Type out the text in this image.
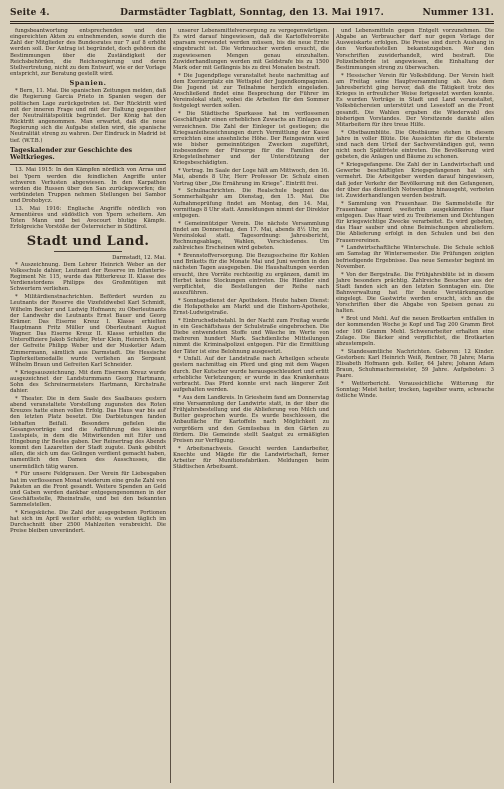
Seite 4.	Darmstädter Tagblatt, Sonntag, den 13. Mai 1917.	Nummer 131.

fungsbeantwortung entsprechenden und den eingereichten Akten zu entnehmenden, sowie durch die Zahl der Mitglieder des Bundesrates nur 7 auf 8 erhöht werden soll. Der Antrag ist begründet, doch gehören die Bestimmungen über die Zuständigkeit der Reichsbehörden, die Reichsregierung und deren Stellvertretung, nicht zu dem Entwurf, wie er der Vorlage entspricht, zur Beratung gestellt wird.

Spanien.

* Bern, 11. Mai. Die spanischen Zeitungen melden, daß die Regierung Garcia Prieto in Spanien wegen der politischen Lage zurückgetreten ist. Der Rücktritt wird mit der inneren Frage und mit der Haltung gegenüber der Neutralitätspolitik begründet. Der König hat den Rücktritt angenommen. Man erwartet, daß die neue Regierung sich die Aufgabe stellen wird, die spanische Neutralität streng zu wahren. Der Eindruck in Madrid ist tief. (W.T.B.)

Tageskalender zur Geschichte des Weltkrieges.

13. Mai 1915: In den Kämpfen nördlich von Arras und bei Ypern werden die feindlichen Angriffe unter schweren Verlusten abgewiesen. In den Karpathen werden die Russen über den San zurückgeworfen; die verbündeten Truppen nehmen Stellungen bei Sambor und Drohobycz.

13. Mai 1916: Englische Angriffe nördlich von Armentières und südöstlich von Ypern scheitern. Am Toten Mann und bei Avocourt blutige Kämpfe. Erfolgreiche Vorstöße der Österreicher in Südtirol.

Stadt und Land.
Darmstadt, 12. Mai.

* Auszeichnung. Dem Lehrer Heinrich Weber an der Volksschule dahier, Leutnant der Reserve im Infanterie-Regiment Nr. 115, wurde das Ritterkreuz II. Klasse des Verdienstordens Philipps des Großmütigen mit Schwertern verliehen.

* Militärdienstnachrichten. Befördert wurden zu Leutnants der Reserve die Vizefeldwebel Karl Schmidt, Wilhelm Becker und Ludwig Hofmann; zu Oberleutnants der Landwehr die Leutnants Ernst Bauer und Georg Krämer. Das Eiserne Kreuz I. Klasse erhielten Hauptmann Fritz Müller und Oberleutnant August Wagner. Das Eiserne Kreuz II. Klasse erhielten die Unteroffiziere Jakob Schäfer, Peter Klein, Heinrich Koch, der Gefreite Philipp Weber und der Musketier Adam Zimmermann, sämtlich aus Darmstadt. Die Hessische Tapferkeitsmedaille wurde verliehen an Sergeant Wilhelm Braun und Gefreiten Karl Schneider.

* Kriegsauszeichnung. Mit dem Eisernen Kreuz wurde ausgezeichnet der Landsturmmann Georg Hartmann, Sohn des Schreinermeisters Hartmann, Kirchstraße dahier.

* Theater. Die in dem Saale des Saalbaues gestern abend veranstaltete Vorstellung zugunsten des Roten Kreuzes hatte einen vollen Erfolg. Das Haus war bis auf den letzten Platz besetzt. Die Darbietungen fanden lebhaften Beifall. Besonders gefielen die Gesangsvorträge und die Aufführung des kleinen Lustspiels, in dem die Mitwirkenden mit Eifer und Hingebung ihr Bestes gaben. Der Reinertrag des Abends kommt den Lazaretten der Stadt zugute. Dank gebührt allen, die sich um das Gelingen verdient gemacht haben, namentlich den Damen des Ausschusses, die unermüdlich tätig waren.

* Für unsere Feldgrauen. Der Verein für Liebesgaben hat im verflossenen Monat wiederum eine große Zahl von Paketen an die Front gesandt. Weitere Spenden an Geld und Gaben werden dankbar entgegengenommen in der Geschäftsstelle, Rheinstraße, und bei den bekannten Sammelstellen.

* Kriegsküche. Die Zahl der ausgegebenen Portionen hat sich im April weiter erhöht; es wurden täglich im Durchschnitt über 2500 Mahlzeiten verabreicht. Die Preise bleiben unverändert.

unserer Lebensmittelversorgung zu vergegenwärtigen. Es wird darauf hingewiesen, daß die Kartoffelvorräte sparsam verwendet werden müssen, bis die neue Ernte eingebracht ist. Die Verbraucher werden ersucht, die zugewiesenen Mengen genau einzuhalten. Zuwiderhandlungen werden mit Geldstrafe bis zu 1500 Mark oder mit Gefängnis bis zu drei Monaten bestraft.

* Die Jugendpflege veranstaltet heute nachmittag auf dem Exerzierplatz ein Wettspiel der Jugendkompagnien. Die Jugend ist zur Teilnahme herzlich eingeladen. Anschließend findet eine Besprechung der Führer im Vereinslokal statt, wobei die Arbeiten für den Sommer festgelegt werden sollen.

* Die Städtische Sparkasse hat im verflossenen Geschäftsjahr einen erheblichen Zuwachs an Einlagen zu verzeichnen. Die Zahl der Einleger ist gestiegen; die Kriegsanleihezeichnungen durch Vermittlung der Kasse erreichten eine ansehnliche Höhe. Der Reingewinn wird wie bisher gemeinnützigen Zwecken zugeführt, insbesondere der Fürsorge für die Familien der Kriegsteilnehmer und der Unterstützung der Kriegsbeschädigten.

* Vortrag. Im Saale der Loge hält am Mittwoch, den 16. Mai, abends 8 Uhr, Herr Professor Dr. Schulz einen Vortrag über „Die Ernährung im Kriege“. Eintritt frei.

* Schulnachrichten. Die Realschule beginnt das Sommerhalbjahr am Dienstag, den 15. Mai. Die Aufnahmeprüfung findet am Montag, den 14. Mai, vormittags 8 Uhr statt. Anmeldungen nimmt der Direktor entgegen.

* Gemeinnütziger Verein. Die nächste Versammlung findet am Donnerstag, den 17. Mai, abends 8½ Uhr, im Vereinslokal statt. Tagesordnung: Jahresbericht, Rechnungsablage, Wahlen, Verschiedenes. Um zahlreiches Erscheinen wird gebeten.

* Brennstoffversorgung. Die Bezugsscheine für Kohlen und Briketts für die Monate Mai und Juni werden in den nächsten Tagen ausgegeben. Die Haushaltungen werden ersucht, ihre Vorräte rechtzeitig zu ergänzen, damit im Herbst keine Stockungen eintreten. Die Händler sind verpflichtet, die Bestellungen der Reihe nach auszuführen.

* Sonntagsdienst der Apotheken. Heute haben Dienst: die Hofapotheke am Markt und die Einhorn-Apotheke, Ernst-Ludwigstraße.

* Einbruchsdiebstahl. In der Nacht zum Freitag wurde in ein Geschäftshaus der Schulstraße eingebrochen. Die Diebe entwendeten Stoffe und Wäsche im Werte von mehreren hundert Mark. Sachdienliche Mitteilungen nimmt die Kriminalpolizei entgegen. Für die Ermittlung der Täter ist eine Belohnung ausgesetzt.

* Unfall. Auf der Landstraße nach Arheilgen scheute gestern nachmittag ein Pferd und ging mit dem Wagen durch. Der Kutscher wurde herausgeschleudert und erlitt erhebliche Verletzungen; er wurde in das Krankenhaus verbracht. Das Pferd konnte erst nach längerer Zeit aufgehalten werden.

* Aus dem Landkreis. In Griesheim fand am Donnerstag eine Versammlung der Landwirte statt, in der über die Frühjahrsbestellung und die Ablieferung von Milch und Butter gesprochen wurde. Es wurde beschlossen, die Anbaufläche für Kartoffeln nach Möglichkeit zu vergrößern und den Gemüsebau in den Gärten zu fördern. Die Gemeinde stellt Saatgut zu ermäßigten Preisen zur Verfügung.

* Arbeitsnachweis. Gesucht werden Landarbeiter, Knechte und Mägde für die Landwirtschaft, ferner Arbeiter für Munitionsfabriken. Meldungen beim Städtischen Arbeitsamt.

und Lebensmitteln gegen Entgelt vorzunehmen. Die Abgabe an Verbraucher darf nur gegen Vorlage der Ausweiskarte erfolgen. Die Preise sind durch Aushang in den Verkaufsstellen bekanntzugeben. Wer den Vorschriften zuwiderhandelt, wird bestraft. Die Polizeibehörde ist angewiesen, die Einhaltung der Bestimmungen streng zu überwachen.

* Hessischer Verein für Volksbildung. Der Verein hielt am Freitag seine Hauptversammlung ab. Aus dem Jahresbericht ging hervor, daß die Tätigkeit trotz des Krieges in erfreulicher Weise fortgesetzt werden konnte. Es wurden Vorträge in Stadt und Land veranstaltet, Volksbüchereien unterstützt und Lesestoff an die Front gesandt. Die Wahlen ergaben die Wiederwahl des bisherigen Vorstandes. Der Vorsitzende dankte allen Mitarbeitern für ihre treue Hilfe.

* Obstbaumblüte. Die Obstbäume stehen in diesem Jahre in voller Blüte. Die Aussichten für die Obsternte sind nach dem Urteil der Sachverständigen gut, wenn nicht noch Spätfröste eintreten. Die Bevölkerung wird gebeten, die Anlagen und Bäume zu schonen.

* Kriegsgefangene. Die Zahl der in Landwirtschaft und Gewerbe beschäftigten Kriegsgefangenen hat sich vermehrt. Die Arbeitgeber werden darauf hingewiesen, daß jeder Verkehr der Bevölkerung mit den Gefangenen, der über das dienstlich Notwendige hinausgeht, verboten ist. Zuwiderhandlungen werden bestraft.

* Sammlung von Frauenhaar. Die Sammelstelle für Frauenhaar nimmt weiterhin ausgekämmtes Haar entgegen. Das Haar wird zu Treibriemen und Dichtungen für kriegswichtige Zwecke verarbeitet. Es wird gebeten, das Haar sauber und ohne Beimischungen abzuliefern. Die Ablieferung erfolgt in den Schulen und bei den Frauenvereinen.

* Landwirtschaftliche Winterschule. Die Schule schloß am Samstag ihr Wintersemester. Die Prüfungen zeigten befriedigende Ergebnisse. Das neue Semester beginnt im November.

* Von der Bergstraße. Die Frühjahrsblüte ist in diesem Jahre besonders prächtig. Zahlreiche Besucher aus der Stadt fanden sich an den letzten Sonntagen ein. Die Bahnverwaltung hat für heute Verstärkungszüge eingelegt. Die Gastwirte werden ersucht, sich an die Vorschriften über die Abgabe von Speisen genau zu halten.

* Brot und Mehl. Auf die neuen Brotkarten entfallen in der kommenden Woche je Kopf und Tag 200 Gramm Brot oder 160 Gramm Mehl. Schwerarbeiter erhalten eine Zulage. Die Bäcker sind verpflichtet, die Brotkarten abzustempeln.

* Standesamtliche Nachrichten. Geboren: 12 Kinder. Gestorben: Karl Heinrich Weiß, Rentner, 78 Jahre; Maria Elisabeth Hofmann geb. Keller, 64 Jahre; Johann Adam Braun, Schuhmachermeister, 59 Jahre. Aufgeboten: 3 Paare.

* Wetterbericht. Voraussichtliche Witterung für Sonntag: Meist heiter, trocken, tagsüber warm, schwache östliche Winde.
